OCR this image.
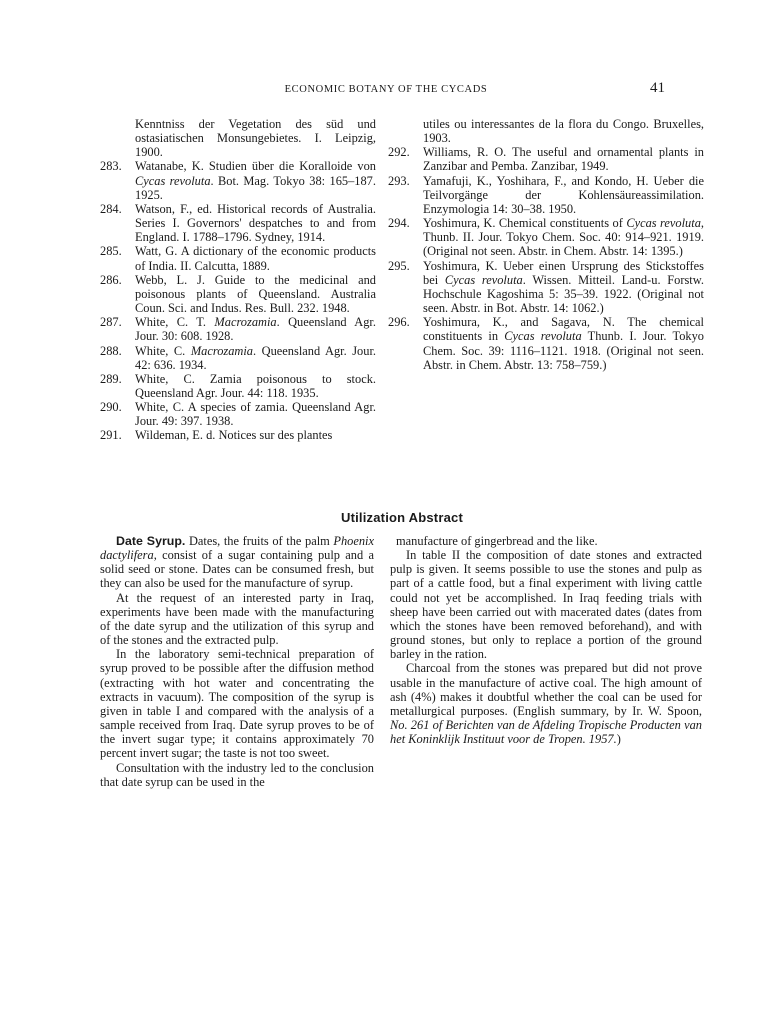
ECONOMIC BOTANY OF THE CYCADS	41

Kenntniss der Vegetation des süd und ostasiatischen Monsungebietes. I. Leipzig, 1900.

283. Watanabe, K. Studien über die Koralloide von Cycas revoluta. Bot. Mag. Tokyo 38: 165–187. 1925.

284. Watson, F., ed. Historical records of Australia. Series I. Governors' despatches to and from England. I. 1788–1796. Sydney, 1914.

285. Watt, G. A dictionary of the economic products of India. II. Calcutta, 1889.

286. Webb, L. J. Guide to the medicinal and poisonous plants of Queensland. Australia Coun. Sci. and Indus. Res. Bull. 232. 1948.

287. White, C. T. Macrozamia. Queensland Agr. Jour. 30: 608. 1928.

288. White, C. Macrozamia. Queensland Agr. Jour. 42: 636. 1934.

289. White, C. Zamia poisonous to stock. Queensland Agr. Jour. 44: 118. 1935.

290. White, C. A species of zamia. Queensland Agr. Jour. 49: 397. 1938.

291. Wildeman, E. d. Notices sur des plantes

utiles ou interessantes de la flora du Congo. Bruxelles, 1903.

292. Williams, R. O. The useful and ornamental plants in Zanzibar and Pemba. Zanzibar, 1949.

293. Yamafuji, K., Yoshihara, F., and Kondo, H. Ueber die Teilvorgänge der Kohlensäureassimilation. Enzymologia 14: 30–38. 1950.

294. Yoshimura, K. Chemical constituents of Cycas revoluta, Thunb. II. Jour. Tokyo Chem. Soc. 40: 914–921. 1919. (Original not seen. Abstr. in Chem. Abstr. 14: 1395.)

295. Yoshimura, K. Ueber einen Ursprung des Stickstoffes bei Cycas revoluta. Wissen. Mitteil. Land-u. Forstw. Hochschule Kagoshima 5: 35–39. 1922. (Original not seen. Abstr. in Bot. Abstr. 14: 1062.)

296. Yoshimura, K., and Sagava, N. The chemical constituents in Cycas revoluta Thunb. I. Jour. Tokyo Chem. Soc. 39: 1116–1121. 1918. (Original not seen. Abstr. in Chem. Abstr. 13: 758–759.)

Utilization Abstract

Date Syrup. Dates, the fruits of the palm Phoenix dactylifera, consist of a sugar containing pulp and a solid seed or stone. Dates can be consumed fresh, but they can also be used for the manufacture of syrup.

At the request of an interested party in Iraq, experiments have been made with the manufacturing of the date syrup and the utilization of this syrup and of the stones and the extracted pulp.

In the laboratory semi-technical preparation of syrup proved to be possible after the diffusion method (extracting with hot water and concentrating the extracts in vacuum). The composition of the syrup is given in table I and compared with the analysis of a sample received from Iraq. Date syrup proves to be of the invert sugar type; it contains approximately 70 percent invert sugar; the taste is not too sweet.

Consultation with the industry led to the conclusion that date syrup can be used in the

manufacture of gingerbread and the like.

In table II the composition of date stones and extracted pulp is given. It seems possible to use the stones and pulp as part of a cattle food, but a final experiment with living cattle could not yet be accomplished. In Iraq feeding trials with sheep have been carried out with macerated dates (dates from which the stones have been removed beforehand), and with ground stones, but only to replace a portion of the ground barley in the ration.

Charcoal from the stones was prepared but did not prove usable in the manufacture of active coal. The high amount of ash (4%) makes it doubtful whether the coal can be used for metallurgical purposes. (English summary, by Ir. W. Spoon, No. 261 of Berichten van de Afdeling Tropische Producten van het Koninklijk Instituut voor de Tropen. 1957.)
